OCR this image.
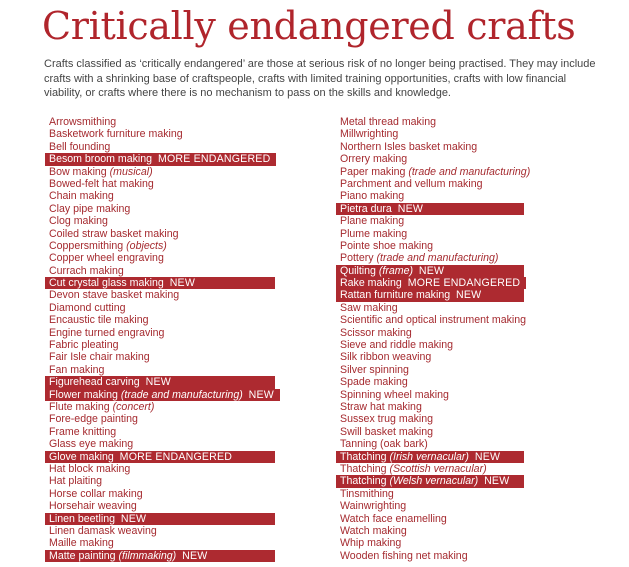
Critically endangered crafts

Crafts classified as ‘critically endangered’ are those at serious risk of no longer being practised. They may include crafts with a shrinking base of craftspeople, crafts with limited training opportunities, crafts with low financial viability, or crafts where there is no mechanism to pass on the skills and knowledge.

Arrowsmithing
Basketwork furniture making
Bell founding
Besom broom making MORE ENDANGERED
Bow making (musical)
Bowed-felt hat making
Chain making
Clay pipe making
Clog making
Coiled straw basket making
Coppersmithing (objects)
Copper wheel engraving
Currach making
Cut crystal glass making NEW
Devon stave basket making
Diamond cutting
Encaustic tile making
Engine turned engraving
Fabric pleating
Fair Isle chair making
Fan making
Figurehead carving NEW
Flower making (trade and manufacturing) NEW
Flute making (concert)
Fore-edge painting
Frame knitting
Glass eye making
Glove making MORE ENDANGERED
Hat block making
Hat plaiting
Horse collar making
Horsehair weaving
Linen beetling NEW
Linen damask weaving
Maille making
Matte painting (filmmaking) NEW
Metal thread making
Millwrighting
Northern Isles basket making
Orrery making
Paper making (trade and manufacturing)
Parchment and vellum making
Piano making
Pietra dura NEW
Plane making
Plume making
Pointe shoe making
Pottery (trade and manufacturing)
Quilting (frame) NEW
Rake making MORE ENDANGERED
Rattan furniture making NEW
Saw making
Scientific and optical instrument making
Scissor making
Sieve and riddle making
Silk ribbon weaving
Silver spinning
Spade making
Spinning wheel making
Straw hat making
Sussex trug making
Swill basket making
Tanning (oak bark)
Thatching (Irish vernacular) NEW
Thatching (Scottish vernacular)
Thatching (Welsh vernacular) NEW
Tinsmithing
Wainwrighting
Watch face enamelling
Watch making
Whip making
Wooden fishing net making
